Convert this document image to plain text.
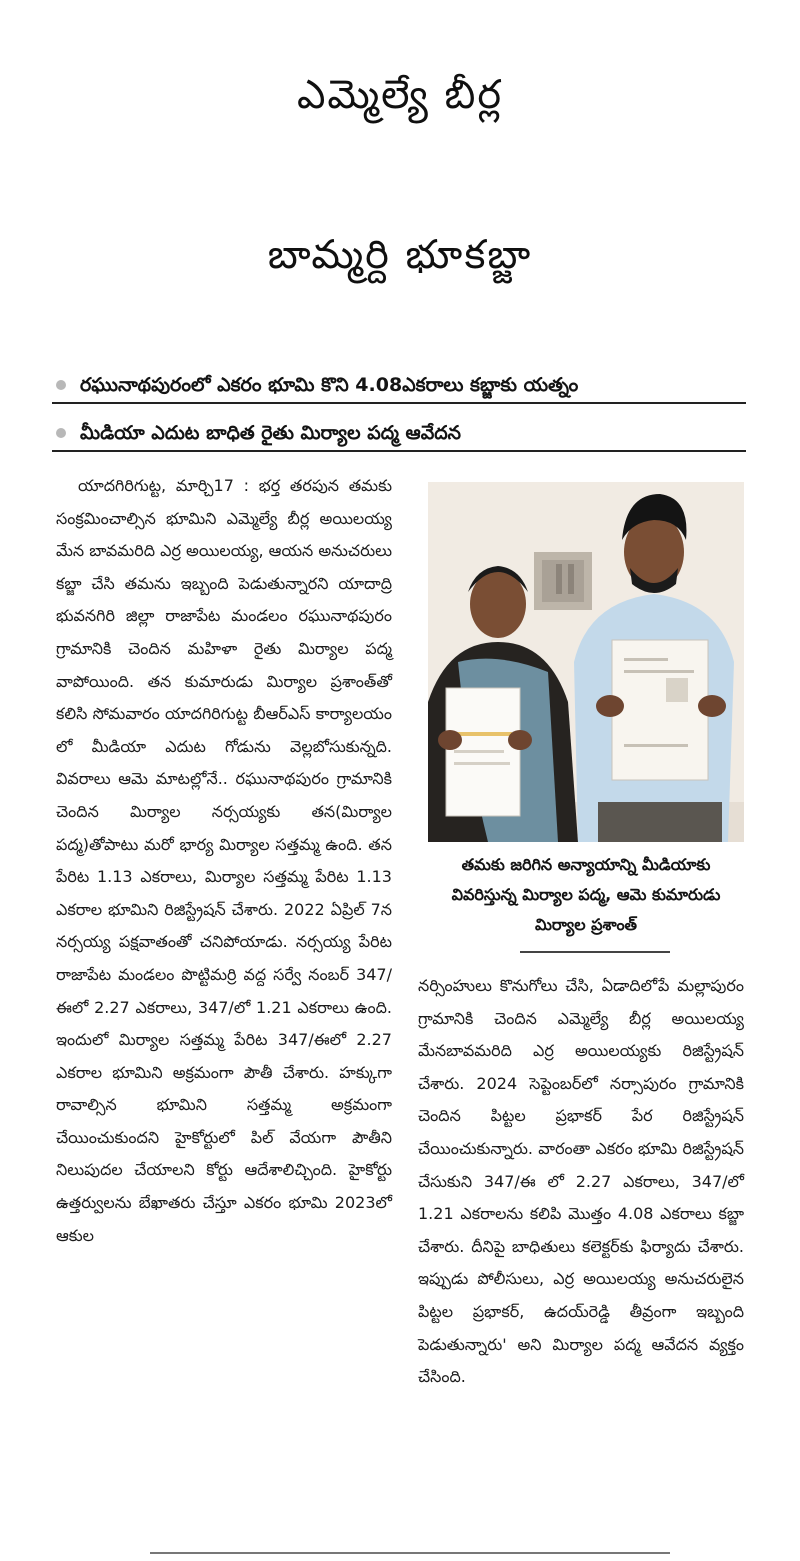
ఎమ్మెల్యే బీర్ల
బామ్మర్ది భూకబ్జా
రఘునాథపురంలో ఎకరం భూమి కొని 4.08ఎకరాలు కబ్జాకు యత్నం
మీడియా ఎదుట బాధిత రైతు మిర్యాల పద్మ ఆవేదన

యాదగిరిగుట్ట, మార్చి17 : భర్త తరపున తమకు సంక్రమించాల్సిన భూమిని ఎమ్మెల్యే బీర్ల అయిలయ్య మేన బావమరిది ఎర్ర అయిలయ్య, ఆయన అనుచరులు కబ్జా చేసి తమను ఇబ్బంది పెడుతున్నారని యాదాద్రి భువనగిరి జిల్లా రాజాపేట మండలం రఘునాథపురం గ్రామానికి చెందిన మహిళా రైతు మిర్యాల పద్మ వాపోయింది. తన కుమారుడు మిర్యాల ప్రశాంత్‌తో కలిసి సోమవారం యాదగిరిగుట్ట బీఆర్ఎస్ కార్యాలయం లో మీడియా ఎదుట గోడును వెల్లబోసుకున్నది. వివరాలు ఆమె మాటల్లోనే.. రఘునాథపురం గ్రామానికి చెందిన మిర్యాల నర్సయ్యకు తన(మిర్యాల పద్మ)తోపాటు మరో భార్య మిర్యాల సత్తమ్మ ఉంది. తన పేరిట 1.13 ఎకరాలు, మిర్యాల సత్తమ్మ పేరిట 1.13 ఎకరాల భూమిని రిజిస్ట్రేషన్ చేశారు. 2022 ఏప్రిల్ 7న నర్సయ్య పక్షవాతంతో చనిపోయాడు. నర్సయ్య పేరిట రాజాపేట మండలం పొట్టిమర్రి వద్ద సర్వే నంబర్ 347/ఈలో 2.27 ఎకరాలు, 347/లో 1.21 ఎకరాలు ఉంది. ఇందులో మిర్యాల సత్తమ్మ పేరిట 347/ఈలో 2.27 ఎకరాల భూమిని అక్రమంగా పౌతీ చేశారు. హక్కుగా రావాల్సిన భూమిని సత్తమ్మ అక్రమంగా చేయించుకుందని హైకోర్టులో పిల్ వేయగా పౌతీని నిలుపుదల చేయాలని కోర్టు ఆదేశాలిచ్చింది. హైకోర్టు ఉత్తర్వులను బేఖాతరు చేస్తూ ఎకరం భూమి 2023లో ఆకుల

తమకు జరిగిన అన్యాయాన్ని మీడియాకు వివరిస్తున్న మిర్యాల పద్మ, ఆమె కుమారుడు మిర్యాల ప్రశాంత్

నర్సింహులు కొనుగోలు చేసి, ఏడాదిలోపే మల్లాపురం గ్రామానికి చెందిన ఎమ్మెల్యే బీర్ల అయిలయ్య మేనబావమరిది ఎర్ర అయిలయ్యకు రిజిస్ట్రేషన్ చేశారు. 2024 సెప్టెంబర్‌లో నర్సాపురం గ్రామానికి చెందిన పిట్టల ప్రభాకర్ పేర రిజిస్ట్రేషన్ చేయించుకున్నారు. వారంతా ఎకరం భూమి రిజిస్ట్రేషన్ చేసుకుని 347/ఈ లో 2.27 ఎకరాలు, 347/లో 1.21 ఎకరాలను కలిపి మొత్తం 4.08 ఎకరాలు కబ్జా చేశారు. దీనిపై బాధితులు కలెక్టర్‌కు ఫిర్యాదు చేశారు. ఇప్పుడు పోలీసులు, ఎర్ర అయిలయ్య అనుచరులైన పిట్టల ప్రభాకర్, ఉదయ్‌రెడ్డి తీవ్రంగా ఇబ్బంది పెడుతున్నారు' అని మిర్యాల పద్మ ఆవేదన వ్యక్తం చేసింది.
